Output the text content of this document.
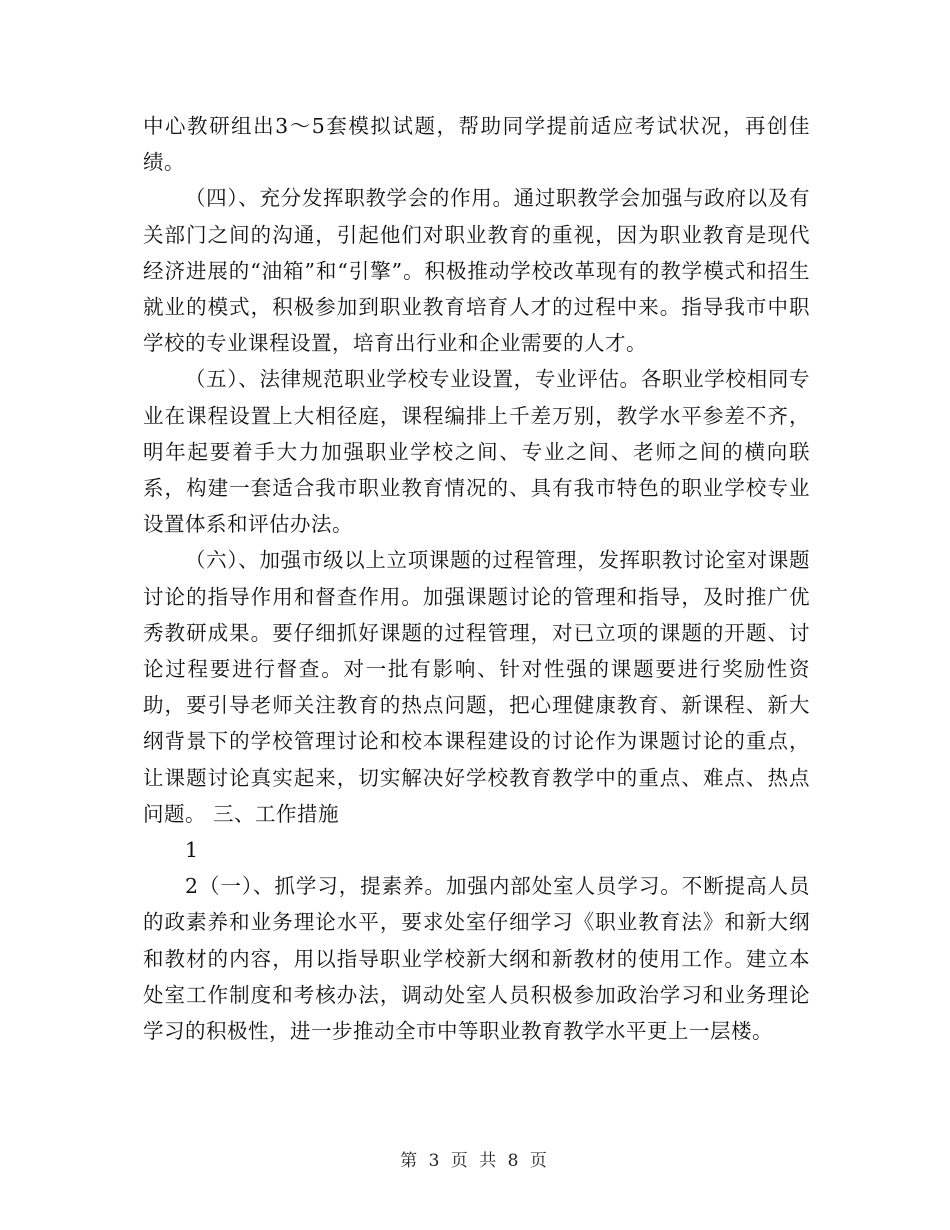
中心教研组出3～5套模拟试题，帮助同学提前适应考试状况，再创佳绩。

（四）、充分发挥职教学会的作用。通过职教学会加强与政府以及有关部门之间的沟通，引起他们对职业教育的重视，因为职业教育是现代经济进展的“油箱”和“引擎”。积极推动学校改革现有的教学模式和招生就业的模式，积极参加到职业教育培育人才的过程中来。指导我市中职学校的专业课程设置，培育出行业和企业需要的人才。

（五）、法律规范职业学校专业设置，专业评估。各职业学校相同专业在课程设置上大相径庭，课程编排上千差万别，教学水平参差不齐，明年起要着手大力加强职业学校之间、专业之间、老师之间的横向联系，构建一套适合我市职业教育情况的、具有我市特色的职业学校专业设置体系和评估办法。

（六）、加强市级以上立项课题的过程管理，发挥职教讨论室对课题讨论的指导作用和督查作用。加强课题讨论的管理和指导，及时推广优秀教研成果。要仔细抓好课题的过程管理，对已立项的课题的开题、讨论过程要进行督查。对一批有影响、针对性强的课题要进行奖励性资助，要引导老师关注教育的热点问题，把心理健康教育、新课程、新大纲背景下的学校管理讨论和校本课程建设的讨论作为课题讨论的重点，让课题讨论真实起来，切实解决好学校教育教学中的重点、难点、热点问题。 三、工作措施

1

2（一）、抓学习，提素养。加强内部处室人员学习。不断提高人员的政素养和业务理论水平，要求处室仔细学习《职业教育法》和新大纲和教材的内容，用以指导职业学校新大纲和新教材的使用工作。建立本处室工作制度和考核办法，调动处室人员积极参加政治学习和业务理论学习的积极性，进一步推动全市中等职业教育教学水平更上一层楼。

第 3 页 共 8 页
